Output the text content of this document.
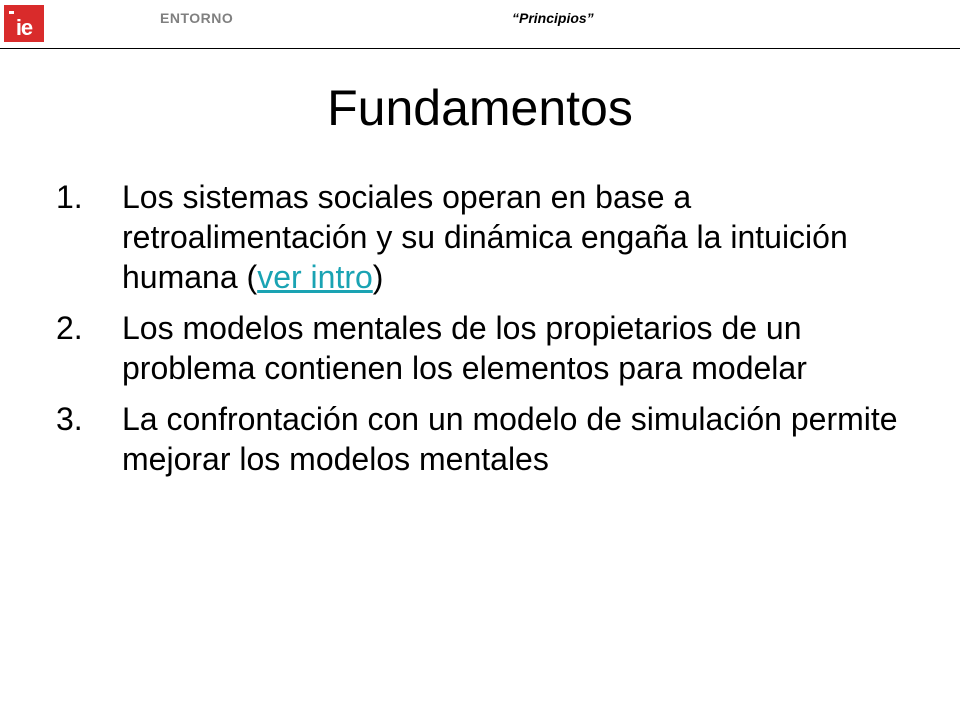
ie	ENTORNO	“Principios”
Fundamentos
1. Los sistemas sociales operan en base a retroalimentación y su dinámica engaña la intuición humana (ver intro)
2. Los modelos mentales de los propietarios de un problema contienen los elementos para modelar
3. La confrontación con un modelo de simulación permite mejorar los modelos mentales
